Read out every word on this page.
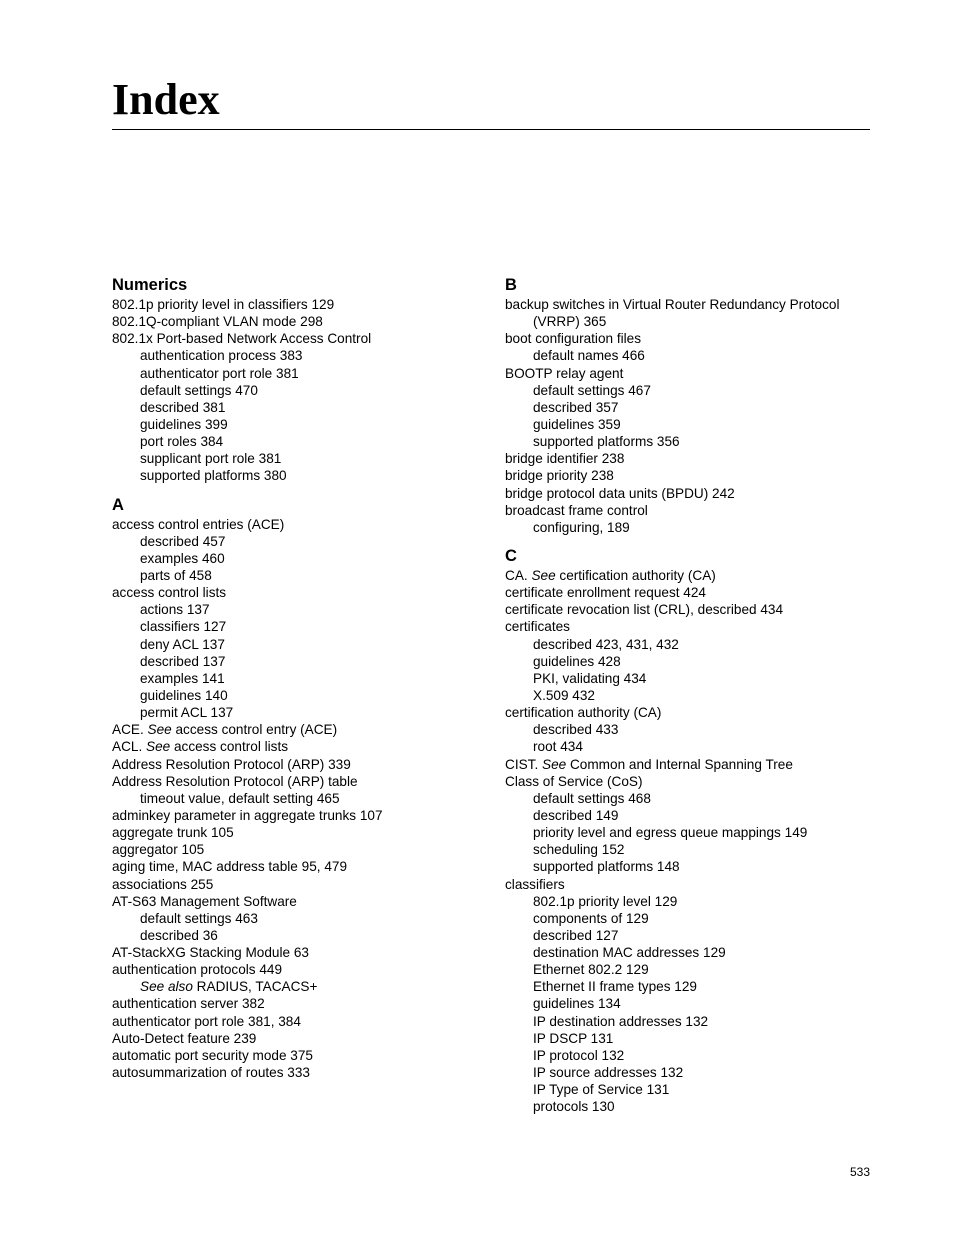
Index
Numerics
802.1p priority level in classifiers 129
802.1Q-compliant VLAN mode 298
802.1x Port-based Network Access Control
authentication process 383
authenticator port role 381
default settings 470
described 381
guidelines 399
port roles 384
supplicant port role 381
supported platforms 380
A
access control entries (ACE)
described 457
examples 460
parts of 458
access control lists
actions 137
classifiers 127
deny ACL 137
described 137
examples 141
guidelines 140
permit ACL 137
ACE. See access control entry (ACE)
ACL. See access control lists
Address Resolution Protocol (ARP) 339
Address Resolution Protocol (ARP) table
timeout value, default setting 465
adminkey parameter in aggregate trunks 107
aggregate trunk 105
aggregator 105
aging time, MAC address table 95, 479
associations 255
AT-S63 Management Software
default settings 463
described 36
AT-StackXG Stacking Module 63
authentication protocols 449
See also RADIUS, TACACS+
authentication server 382
authenticator port role 381, 384
Auto-Detect feature 239
automatic port security mode 375
autosummarization of routes 333
B
backup switches in Virtual Router Redundancy Protocol
(VRRP) 365
boot configuration files
default names 466
BOOTP relay agent
default settings 467
described 357
guidelines 359
supported platforms 356
bridge identifier 238
bridge priority 238
bridge protocol data units (BPDU) 242
broadcast frame control
configuring, 189
C
CA. See certification authority (CA)
certificate enrollment request 424
certificate revocation list (CRL), described 434
certificates
described 423, 431, 432
guidelines 428
PKI, validating 434
X.509 432
certification authority (CA)
described 433
root 434
CIST. See Common and Internal Spanning Tree
Class of Service (CoS)
default settings 468
described 149
priority level and egress queue mappings 149
scheduling 152
supported platforms 148
classifiers
802.1p priority level 129
components of 129
described 127
destination MAC addresses 129
Ethernet 802.2 129
Ethernet II frame types 129
guidelines 134
IP destination addresses 132
IP DSCP 131
IP protocol 132
IP source addresses 132
IP Type of Service 131
protocols 130
533
